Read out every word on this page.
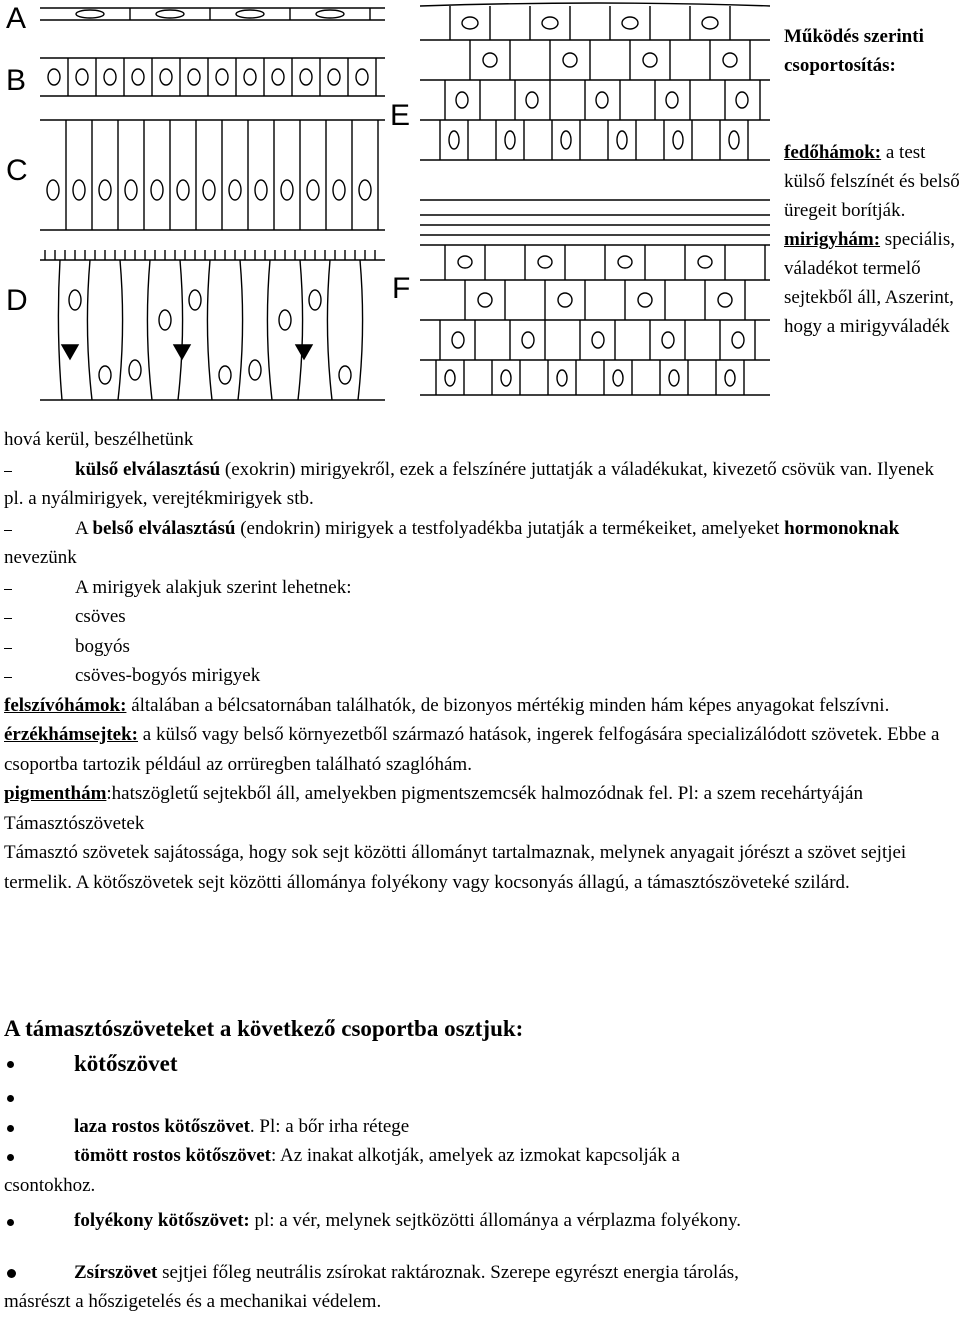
A
B
C
D
E
F
Működés szerinti csoportosítás:
fedőhámok: a test külső felszínét és belső üregeit borítják.
mirigyhám: speciális, váladékot termelő sejtekből áll, Aszerint, hogy a mirigyváladék

hová kerül, beszélhetünk

külső elválasztású (exokrin) mirigyekről, ezek a felszínére juttatják a váladékukat, kivezető csövük van. Ilyenek pl. a nyálmirigyek, verejtékmirigyek stb.

A belső elválasztású (endokrin) mirigyek a testfolyadékba jutatják a termékeiket, amelyeket hormonoknak nevezünk

A mirigyek alakjuk szerint lehetnek:

csöves

bogyós

csöves-bogyós mirigyek

felszívóhámok: általában a bélcsatornában találhatók, de bizonyos mértékig minden hám képes anyagokat felszívni.

érzékhámsejtek: a külső vagy belső környezetből származó hatások, ingerek felfogására specializálódott szövetek. Ebbe a csoportba tartozik például az orrüregben található szaglóhám.

pigmenthám:hatszögletű sejtekből áll, amelyekben pigmentszemcsék halmozódnak fel. Pl: a szem recehártyáján

Támasztószövetek

Támasztó szövetek sajátossága, hogy sok sejt közötti állományt tartalmaznak, melynek anyagait jórészt a szövet sejtjei termelik. A kötőszövetek sejt közötti állománya folyékony vagy kocsonyás állagú, a támasztószöveteké szilárd.

A támasztószöveteket a következő csoportba osztjuk:
kötőszövet
laza rostos kötőszövet. Pl: a bőr irha rétege
tömött rostos kötőszövet: Az inakat alkotják, amelyek az izmokat kapcsolják a
csontokhoz.
folyékony kötőszövet: pl: a vér, melynek sejtközötti állománya a vérplazma folyékony.
Zsírszövet sejtjei főleg neutrális zsírokat raktároznak. Szerepe egyrészt energia tárolás,
másrészt a hőszigetelés és a mechanikai védelem.
